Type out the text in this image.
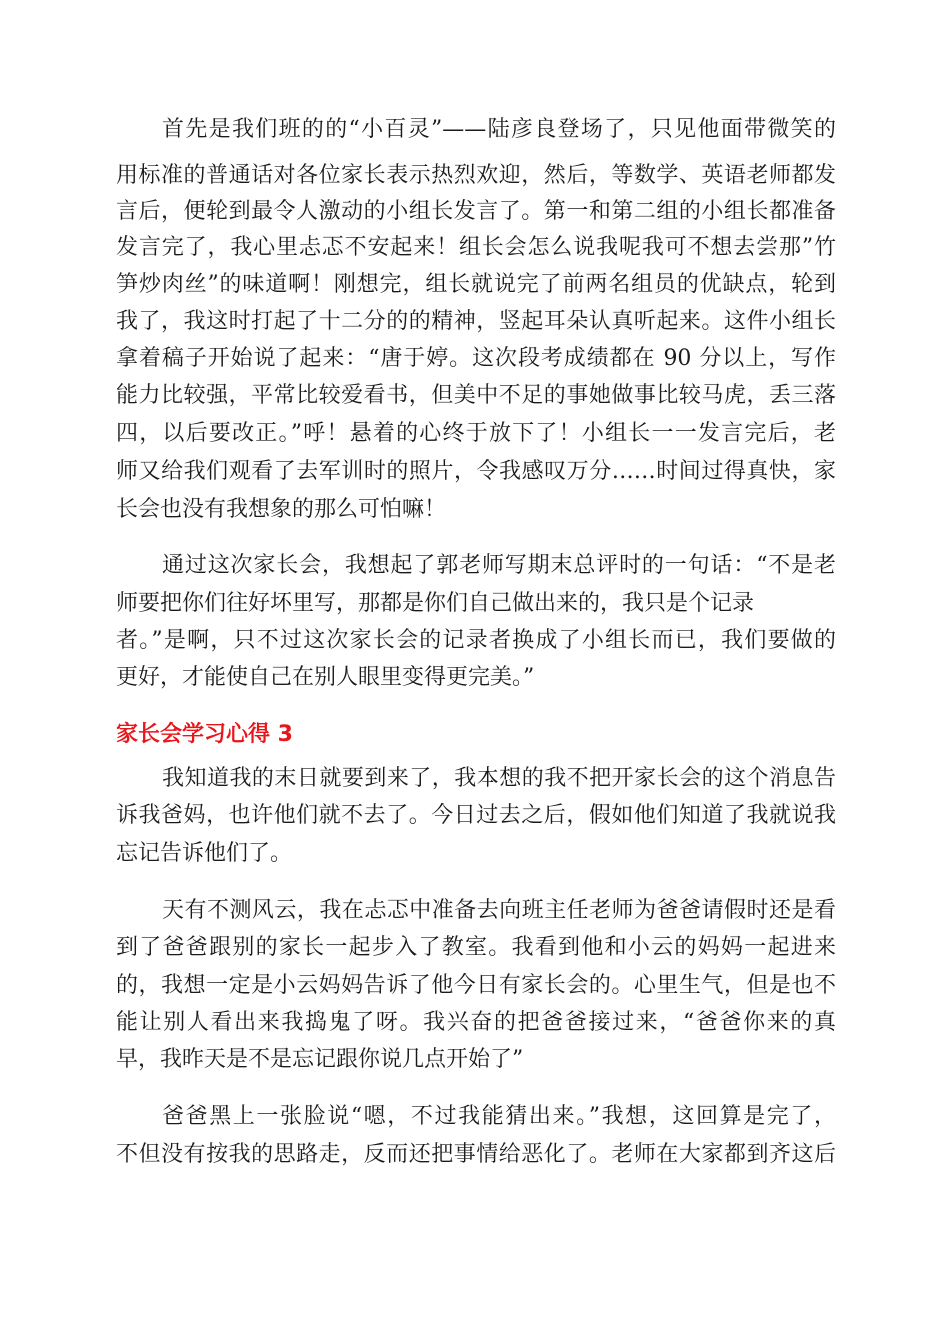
首先是我们班的的“小百灵”——陆彦良登场了，只见他面带微笑的
用标准的普通话对各位家长表示热烈欢迎，然后，等数学、英语老师都发
言后，便轮到最令人激动的小组长发言了。第一和第二组的小组长都准备
发言完了，我心里忐忑不安起来！组长会怎么说我呢我可不想去尝那”竹
笋炒肉丝”的味道啊！刚想完，组长就说完了前两名组员的优缺点，轮到
我了，我这时打起了十二分的的精神，竖起耳朵认真听起来。这件小组长
拿着稿子开始说了起来：“唐于婷。这次段考成绩都在 90 分以上，写作
能力比较强，平常比较爱看书，但美中不足的事她做事比较马虎，丢三落
四，以后要改正。”呼！悬着的心终于放下了！小组长一一发言完后，老
师又给我们观看了去军训时的照片，令我感叹万分……时间过得真快，家
长会也没有我想象的那么可怕嘛！
通过这次家长会，我想起了郭老师写期末总评时的一句话：“不是老
师要把你们往好坏里写，那都是你们自己做出来的，我只是个记录
者。”是啊，只不过这次家长会的记录者换成了小组长而已，我们要做的
更好，才能使自己在别人眼里变得更完美。”
家长会学习心得 3
我知道我的末日就要到来了，我本想的我不把开家长会的这个消息告
诉我爸妈，也许他们就不去了。今日过去之后，假如他们知道了我就说我
忘记告诉他们了。
天有不测风云，我在忐忑中准备去向班主任老师为爸爸请假时还是看
到了爸爸跟别的家长一起步入了教室。我看到他和小云的妈妈一起进来
的，我想一定是小云妈妈告诉了他今日有家长会的。心里生气，但是也不
能让别人看出来我捣鬼了呀。我兴奋的把爸爸接过来，“爸爸你来的真
早，我昨天是不是忘记跟你说几点开始了”
爸爸黑上一张脸说“嗯，不过我能猜出来。”我想，这回算是完了，
不但没有按我的思路走，反而还把事情给恶化了。老师在大家都到齐这后
